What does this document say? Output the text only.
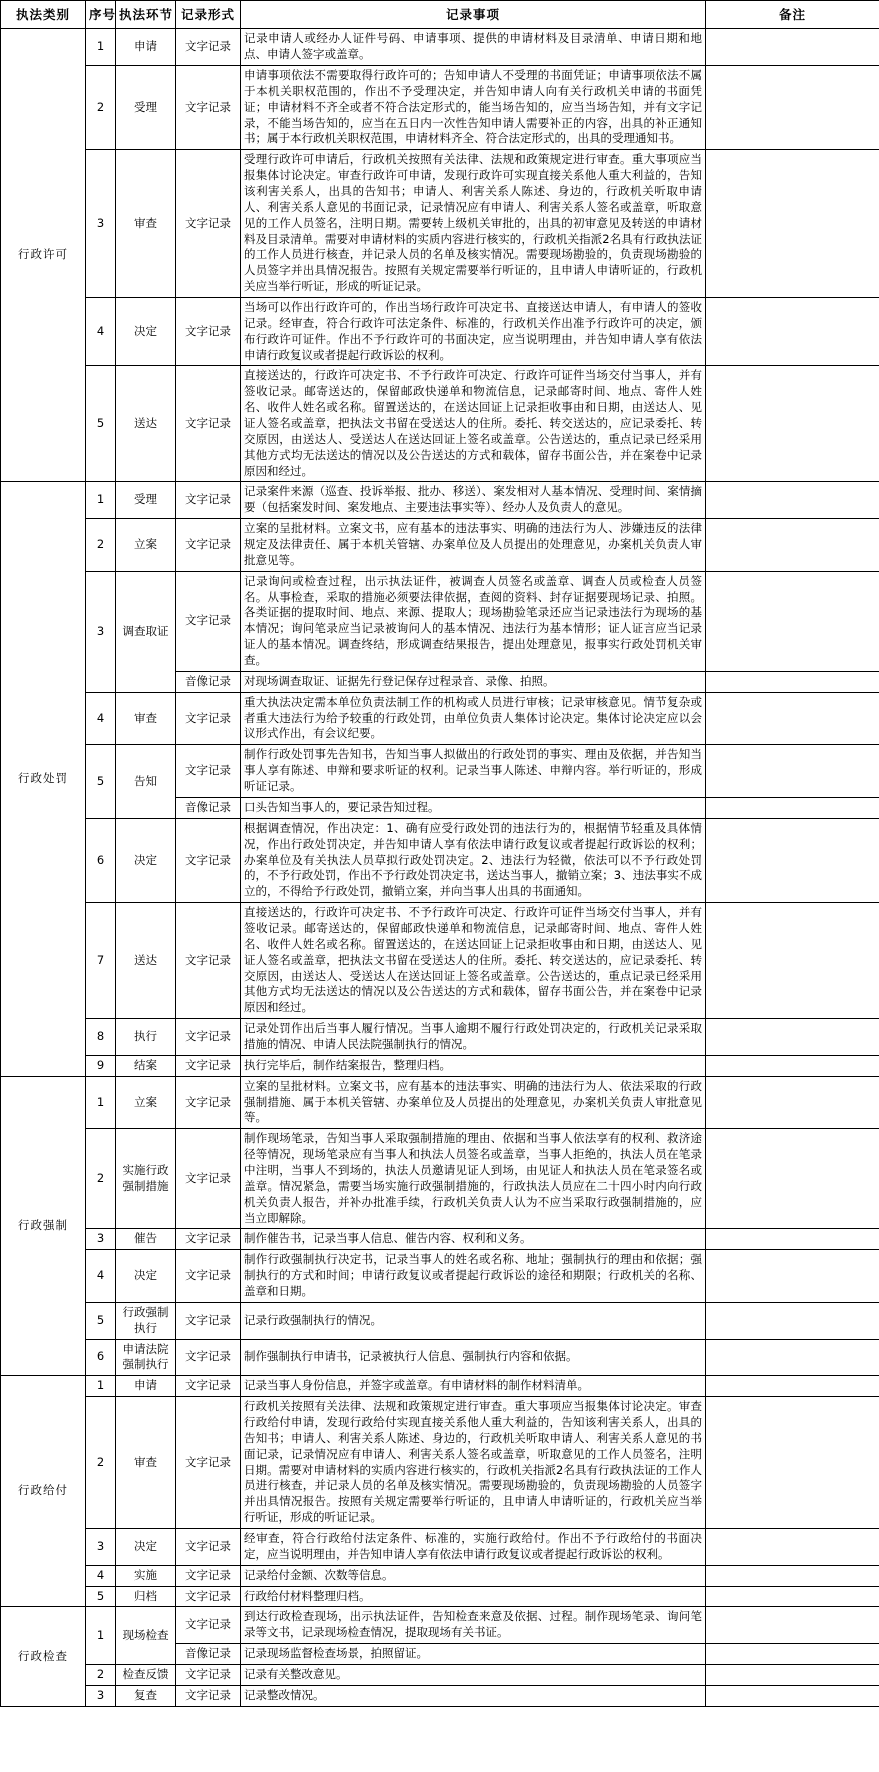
执法类别	序号	执法环节	记录形式	记录事项	备注
行政许可	1	申请	文字记录	记录申请人或经办人证件号码、申请事项、提供的申请材料及目录清单、申请日期和地点、申请人签字或盖章。	
	2	受理	文字记录	申请事项依法不需要取得行政许可的；告知申请人不受理的书面凭证；申请事项依法不属于本机关职权范围的，作出不予受理决定，并告知申请人向有关行政机关申请的书面凭证；申请材料不齐全或者不符合法定形式的，能当场告知的，应当当场告知，并有文字记录，不能当场告知的，应当在五日内一次性告知申请人需要补正的内容，出具的补正通知书；属于本行政机关职权范围，申请材料齐全、符合法定形式的，出具的受理通知书。	
	3	审查	文字记录	受理行政许可申请后，行政机关按照有关法律、法规和政策规定进行审查。重大事项应当报集体讨论决定。审查行政许可申请，发现行政许可实现直接关系他人重大利益的，告知该利害关系人，出具的告知书；申请人、利害关系人陈述、身边的，行政机关听取申请人、利害关系人意见的书面记录，记录情况应有申请人、利害关系人签名或盖章，听取意见的工作人员签名，注明日期。需要转上级机关审批的，出具的初审意见及转送的申请材料及目录清单。需要对申请材料的实质内容进行核实的，行政机关指派2名具有行政执法证的工作人员进行核查，并记录人员的名单及核实情况。需要现场勘验的，负责现场勘验的人员签字并出具情况报告。按照有关规定需要举行听证的，且申请人申请听证的，行政机关应当举行听证，形成的听证记录。	
	4	决定	文字记录	当场可以作出行政许可的，作出当场行政许可决定书、直接送达申请人，有申请人的签收记录。经审查，符合行政许可法定条件、标准的，行政机关作出准予行政许可的决定，颁布行政许可证件。作出不予行政许可的书面决定，应当说明理由，并告知申请人享有依法申请行政复议或者提起行政诉讼的权利。	
	5	送达	文字记录	直接送达的，行政许可决定书、不予行政许可决定、行政许可证件当场交付当事人，并有签收记录。邮寄送达的，保留邮政快递单和物流信息，记录邮寄时间、地点、寄件人姓名、收件人姓名或名称。留置送达的，在送达回证上记录拒收事由和日期，由送达人、见证人签名或盖章，把执法文书留在受送达人的住所。委托、转交送达的，应记录委托、转交原因，由送达人、受送达人在送达回证上签名或盖章。公告送达的，重点记录已经采用其他方式均无法送达的情况以及公告送达的方式和载体，留存书面公告，并在案卷中记录原因和经过。	
行政处罚	1	受理	文字记录	记录案件来源（巡查、投诉举报、批办、移送）、案发相对人基本情况、受理时间、案情摘要（包括案发时间、案发地点、主要违法事实等）、经办人及负责人的意见。	
	2	立案	文字记录	立案的呈批材料。立案文书，应有基本的违法事实、明确的违法行为人、涉嫌违反的法律规定及法律责任、属于本机关管辖、办案单位及人员提出的处理意见，办案机关负责人审批意见等。	
	3	调查取证	文字记录	记录询问或检查过程，出示执法证件，被调查人员签名或盖章、调查人员或检查人员签名。从事检查，采取的措施必须要法律依据，查阅的资料、封存证据要现场记录、拍照。各类证据的提取时间、地点、来源、提取人；现场勘验笔录还应当记录违法行为现场的基本情况；询问笔录应当记录被询问人的基本情况、违法行为基本情形；证人证言应当记录证人的基本情况。调查终结，形成调查结果报告，提出处理意见，报事实行政处罚机关审查。	
			音像记录	对现场调查取证、证据先行登记保存过程录音、录像、拍照。	
	4	审查	文字记录	重大执法决定需本单位负责法制工作的机构或人员进行审核；记录审核意见。情节复杂或者重大违法行为给予较重的行政处罚，由单位负责人集体讨论决定。集体讨论决定应以会议形式作出，有会议纪要。	
	5	告知	文字记录	制作行政处罚事先告知书，告知当事人拟做出的行政处罚的事实、理由及依据，并告知当事人享有陈述、申辩和要求听证的权利。记录当事人陈述、申辩内容。举行听证的，形成听证记录。	
			音像记录	口头告知当事人的，要记录告知过程。	
	6	决定	文字记录	根据调查情况，作出决定：1、确有应受行政处罚的违法行为的，根据情节轻重及具体情况，作出行政处罚决定，并告知申请人享有依法申请行政复议或者提起行政诉讼的权利；办案单位及有关执法人员草拟行政处罚决定。2、违法行为轻微，依法可以不予行政处罚的，不予行政处罚，作出不予行政处罚决定书，送达当事人，撤销立案；3、违法事实不成立的，不得给予行政处罚，撤销立案，并向当事人出具的书面通知。	
	7	送达	文字记录	直接送达的，行政许可决定书、不予行政许可决定、行政许可证件当场交付当事人，并有签收记录。邮寄送达的，保留邮政快递单和物流信息，记录邮寄时间、地点、寄件人姓名、收件人姓名或名称。留置送达的，在送达回证上记录拒收事由和日期，由送达人、见证人签名或盖章，把执法文书留在受送达人的住所。委托、转交送达的，应记录委托、转交原因，由送达人、受送达人在送达回证上签名或盖章。公告送达的，重点记录已经采用其他方式均无法送达的情况以及公告送达的方式和载体，留存书面公告，并在案卷中记录原因和经过。	
	8	执行	文字记录	记录处罚作出后当事人履行情况。当事人逾期不履行行政处罚决定的，行政机关记录采取措施的情况、申请人民法院强制执行的情况。	
	9	结案	文字记录	执行完毕后，制作结案报告，整理归档。	
行政强制	1	立案	文字记录	立案的呈批材料。立案文书，应有基本的违法事实、明确的违法行为人、依法采取的行政强制措施、属于本机关管辖、办案单位及人员提出的处理意见，办案机关负责人审批意见等。	
	2	实施行政强制措施	文字记录	制作现场笔录，告知当事人采取强制措施的理由、依据和当事人依法享有的权利、救济途径等情况，现场笔录应有当事人和执法人员签名或盖章，当事人拒绝的，执法人员在笔录中注明，当事人不到场的，执法人员邀请见证人到场，由见证人和执法人员在笔录签名或盖章。情况紧急，需要当场实施行政强制措施的，行政执法人员应在二十四小时内向行政机关负责人报告，并补办批准手续，行政机关负责人认为不应当采取行政强制措施的，应当立即解除。	
	3	催告	文字记录	制作催告书，记录当事人信息、催告内容、权利和义务。	
	4	决定	文字记录	制作行政强制执行决定书，记录当事人的姓名或名称、地址；强制执行的理由和依据；强制执行的方式和时间；申请行政复议或者提起行政诉讼的途径和期限；行政机关的名称、盖章和日期。	
	5	行政强制执行	文字记录	记录行政强制执行的情况。	
	6	申请法院强制执行	文字记录	制作强制执行申请书，记录被执行人信息、强制执行内容和依据。	
行政给付	1	申请	文字记录	记录当事人身份信息，并签字或盖章。有申请材料的制作材料清单。	
	2	审查	文字记录	行政机关按照有关法律、法规和政策规定进行审查。重大事项应当报集体讨论决定。审查行政给付申请，发现行政给付实现直接关系他人重大利益的，告知该利害关系人，出具的告知书；申请人、利害关系人陈述、身边的，行政机关听取申请人、利害关系人意见的书面记录，记录情况应有申请人、利害关系人签名或盖章，听取意见的工作人员签名，注明日期。需要对申请材料的实质内容进行核实的，行政机关指派2名具有行政执法证的工作人员进行核查，并记录人员的名单及核实情况。需要现场勘验的，负责现场勘验的人员签字并出具情况报告。按照有关规定需要举行听证的，且申请人申请听证的，行政机关应当举行听证，形成的听证记录。	
	3	决定	文字记录	经审查，符合行政给付法定条件、标准的，实施行政给付。作出不予行政给付的书面决定，应当说明理由，并告知申请人享有依法申请行政复议或者提起行政诉讼的权利。	
	4	实施	文字记录	记录给付金额、次数等信息。	
	5	归档	文字记录	行政给付材料整理归档。	
行政检查	1	现场检查	文字记录	到达行政检查现场，出示执法证件，告知检查来意及依据、过程。制作现场笔录、询问笔录等文书，记录现场检查情况，提取现场有关书证。	
			音像记录	记录现场监督检查场景，拍照留证。	
	2	检查反馈	文字记录	记录有关整改意见。	
	3	复查	文字记录	记录整改情况。	
